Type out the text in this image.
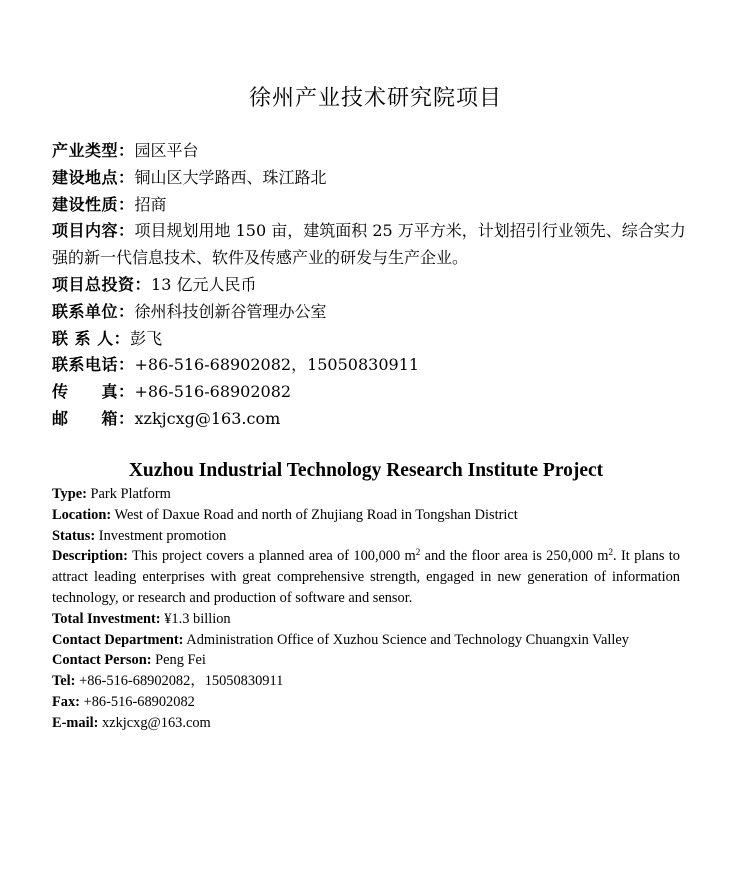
徐州产业技术研究院项目
产业类型：园区平台
建设地点：铜山区大学路西、珠江路北
建设性质：招商
项目内容：项目规划用地 150 亩，建筑面积 25 万平方米，计划招引行业领先、综合实力强的新一代信息技术、软件及传感产业的研发与生产企业。
项目总投资：13 亿元人民币
联系单位：徐州科技创新谷管理办公室
联 系 人：彭飞
联系电话：+86-516-68902082，15050830911
传　　真：+86-516-68902082
邮　　箱：xzkjcxg@163.com
Xuzhou Industrial Technology Research Institute Project
Type: Park Platform
Location: West of Daxue Road and north of Zhujiang Road in Tongshan District
Status: Investment promotion
Description: This project covers a planned area of 100,000 $m^2$ and the floor area is 250,000 $m^2$. It plans to attract leading enterprises with great comprehensive strength, engaged in new generation of information technology, or research and production of software and sensor.
Total Investment: ¥1.3 billion
Contact Department: Administration Office of Xuzhou Science and Technology Chuangxin Valley
Contact Person: Peng Fei
Tel: +86-516-68902082，15050830911
Fax: +86-516-68902082
E-mail: xzkjcxg@163.com
